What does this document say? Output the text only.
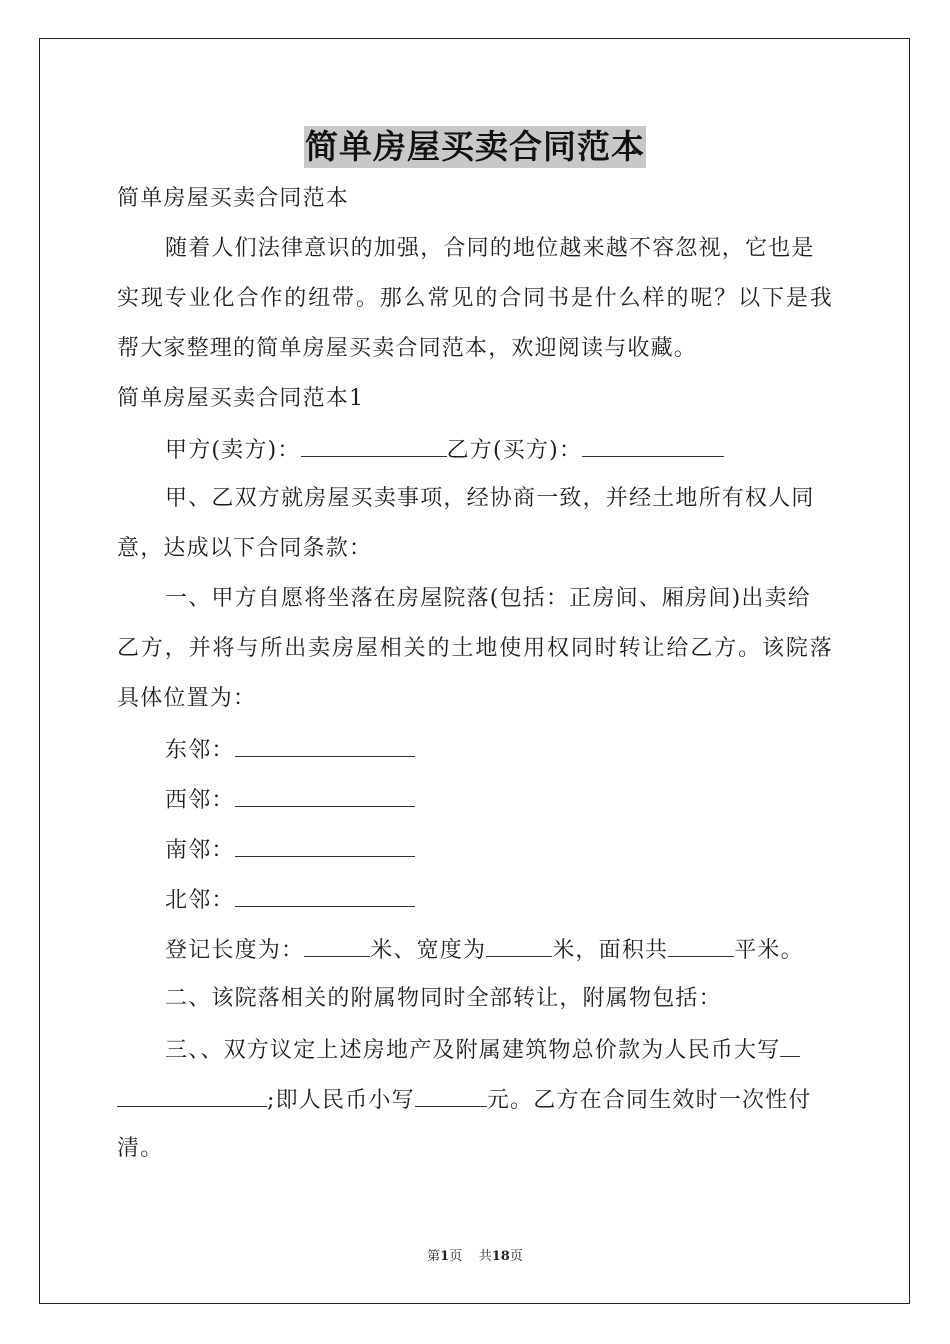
简单房屋买卖合同范本
简单房屋买卖合同范本
随着人们法律意识的加强，合同的地位越来越不容忽视，它也是
实现专业化合作的纽带。那么常见的合同书是什么样的呢？以下是我
帮大家整理的简单房屋买卖合同范本，欢迎阅读与收藏。
简单房屋买卖合同范本1
甲方(卖方)：	乙方(买方)：
甲、乙双方就房屋买卖事项，经协商一致，并经土地所有权人同
意，达成以下合同条款：
一、甲方自愿将坐落在房屋院落(包括：正房间、厢房间)出卖给
乙方，并将与所出卖房屋相关的土地使用权同时转让给乙方。该院落
具体位置为：
东邻：
西邻：
南邻：
北邻：
登记长度为：	米、宽度为	米，面积共	平米。
二、该院落相关的附属物同时全部转让，附属物包括：
三、、双方议定上述房地产及附属建筑物总价款为人民币大写
;即人民币小写	元。乙方在合同生效时一次性付
清。
第1页 共18页
